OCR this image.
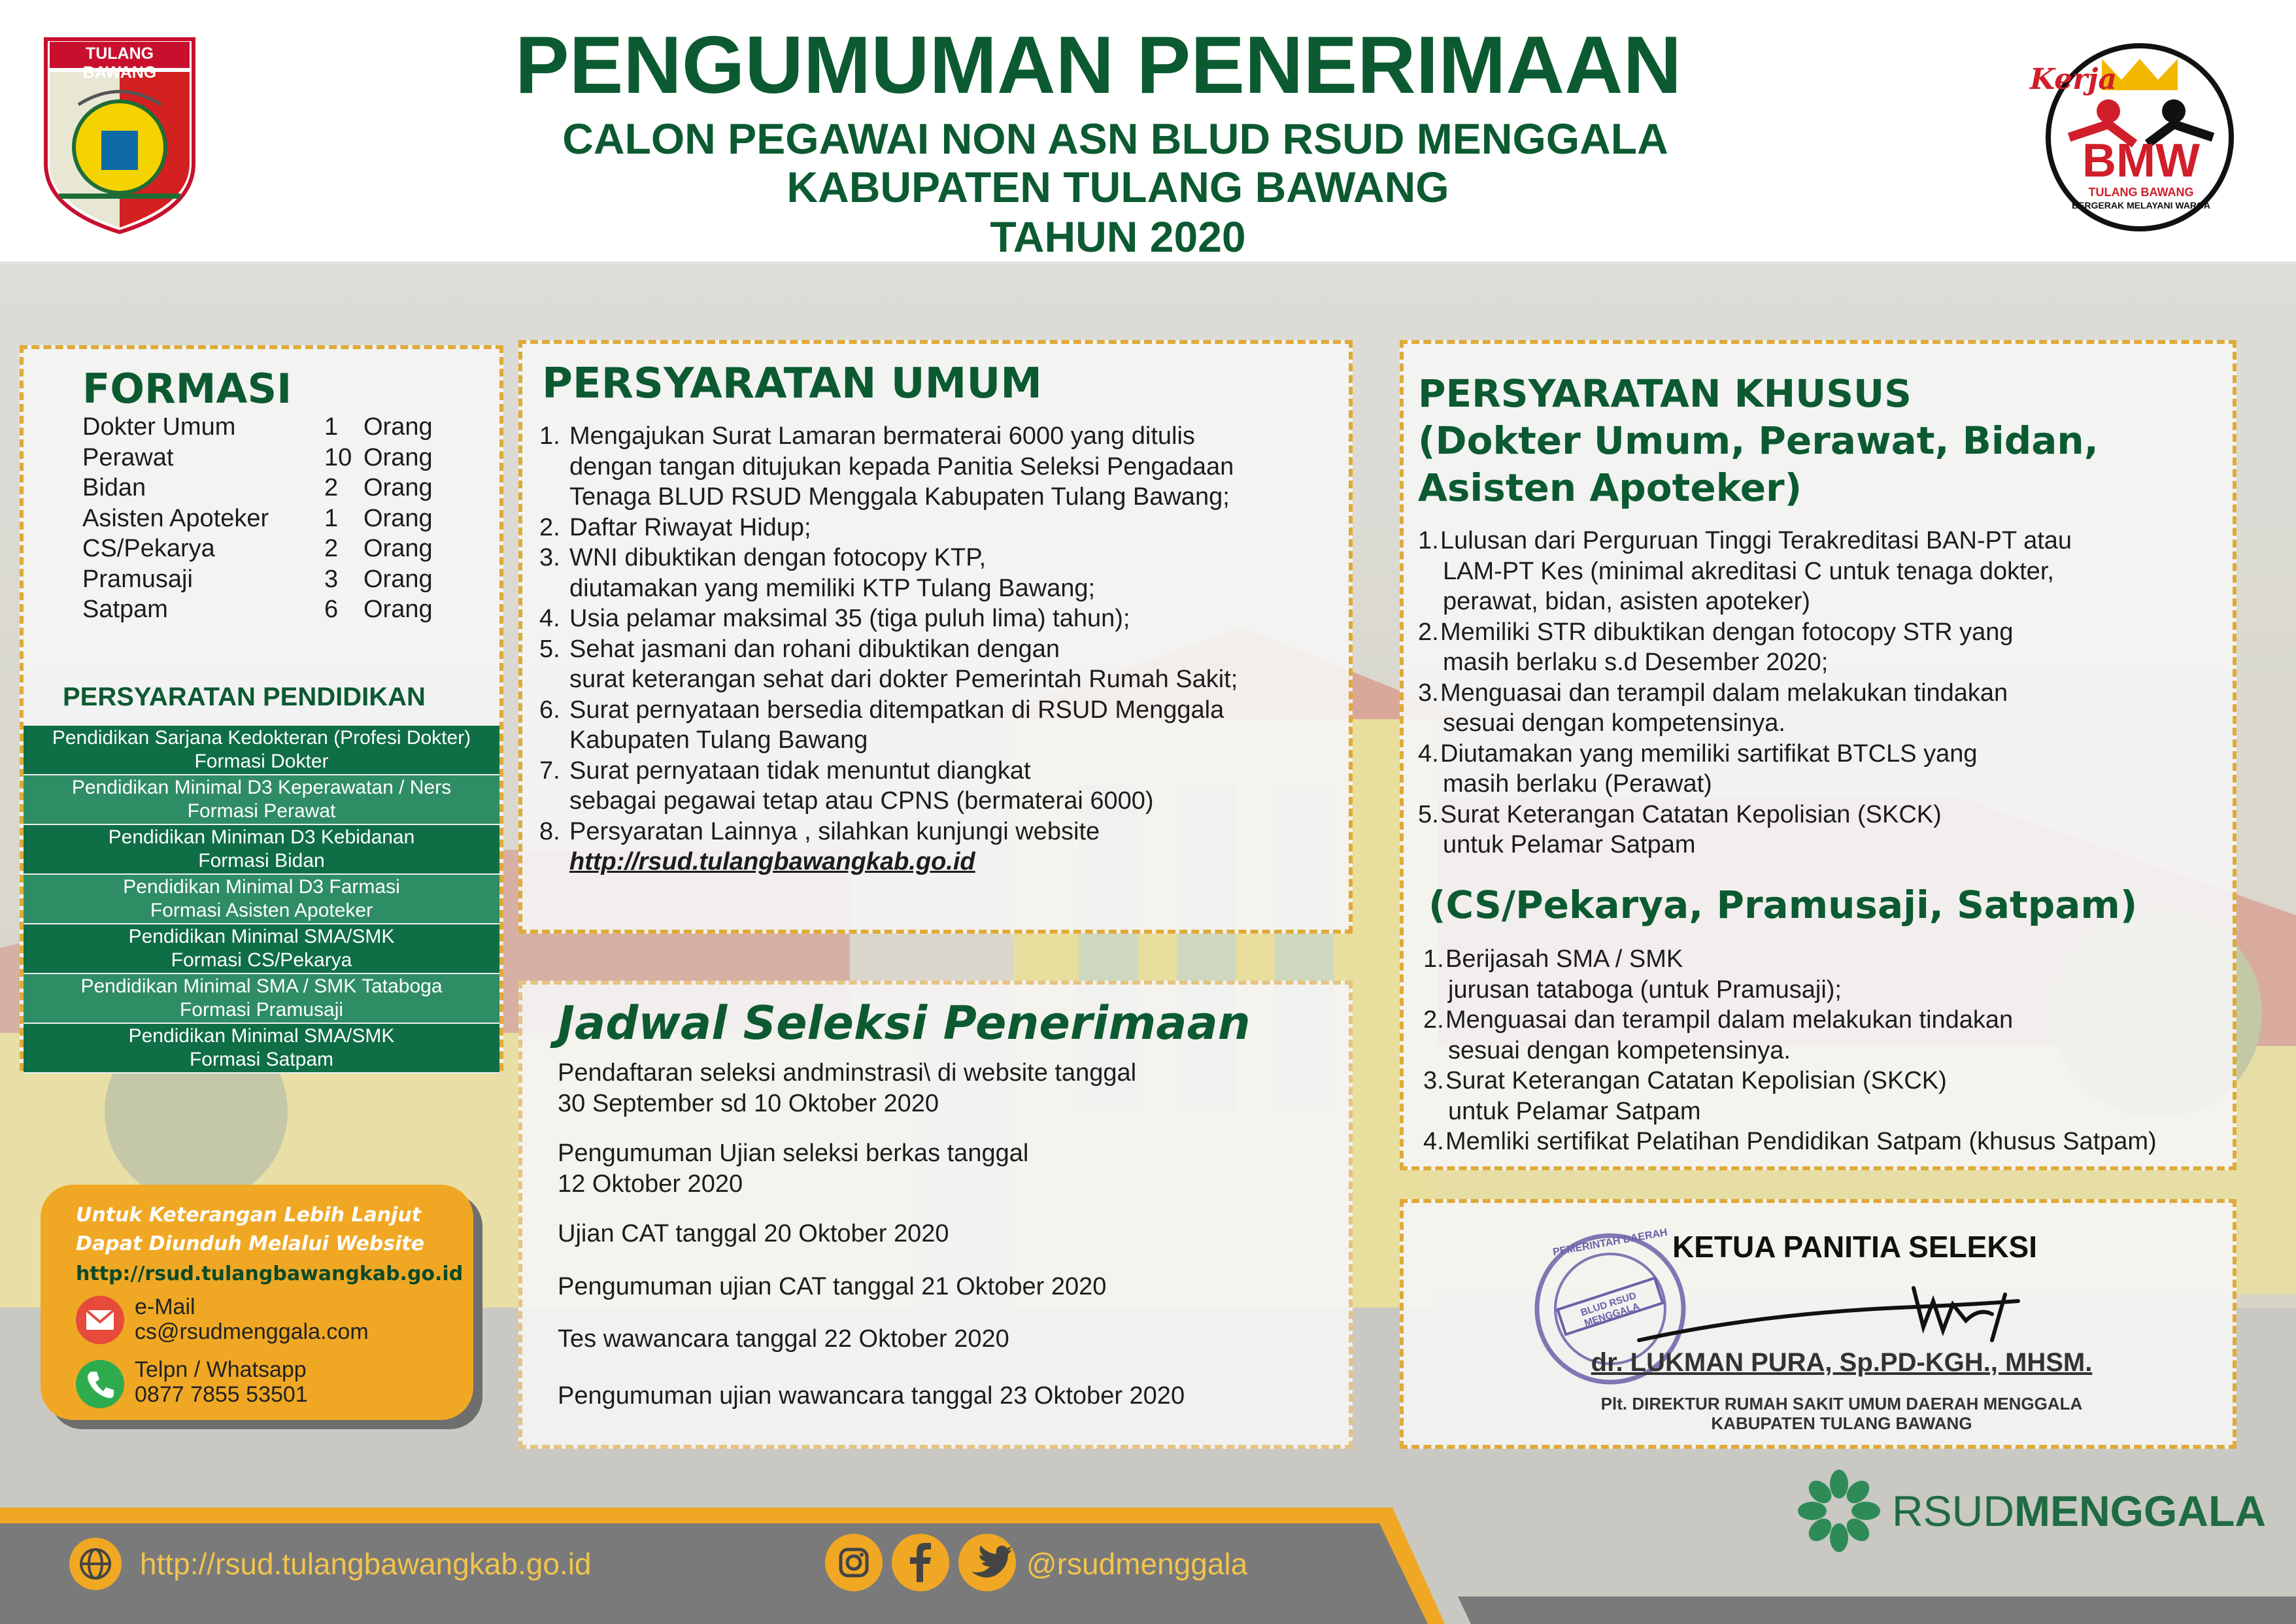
TULANG BAWANG	PENGUMUMAN PENERIMAAN
CALON PEGAWAI NON ASN BLUD RSUD MENGGALA
KABUPATEN TULANG BAWANG
TAHUN 2020
Kerja
BMW
TULANG BAWANG
BERGERAK MELAYANI WARGA
FORMASI
Dokter Umum	1	Orang
Perawat	10 Orang
Bidan	2	Orang
Asisten Apoteker	1	Orang
CS/Pekarya	2	Orang
Pramusaji	3	Orang
Satpam	6	Orang
PERSYARATAN PENDIDIKAN
Pendidikan Sarjana Kedokteran (Profesi Dokter)
Formasi Dokter
Pendidikan Minimal D3 Keperawatan / Ners
Formasi Perawat
Pendidikan Miniman D3 Kebidanan
Formasi Bidan
Pendidikan Minimal D3 Farmasi
Formasi Asisten Apoteker
Pendidikan Minimal SMA/SMK
Formasi CS/Pekarya
Pendidikan Minimal SMA / SMK Tataboga
Formasi Pramusaji
Pendidikan Minimal SMA/SMK
Formasi Satpam
Untuk Keterangan Lebih Lanjut
Dapat Diunduh Melalui Website
http://rsud.tulangbawangkab.go.id
e-Mail
cs@rsudmenggala.com
Telpn / Whatsapp
0877 7855 53501
PERSYARATAN UMUM
1. Mengajukan Surat Lamaran bermaterai 6000 yang ditulis
dengan tangan ditujukan kepada Panitia Seleksi Pengadaan
Tenaga BLUD RSUD Menggala Kabupaten Tulang Bawang;
2. Daftar Riwayat Hidup;
3. WNI dibuktikan dengan fotocopy KTP,
diutamakan yang memiliki KTP Tulang Bawang;
4. Usia pelamar maksimal 35 (tiga puluh lima) tahun);
5. Sehat jasmani dan rohani dibuktikan dengan
surat keterangan sehat dari dokter Pemerintah Rumah Sakit;
6. Surat pernyataan bersedia ditempatkan di RSUD Menggala
Kabupaten Tulang Bawang
7. Surat pernyataan tidak menuntut diangkat
sebagai pegawai tetap atau CPNS (bermaterai 6000)
8. Persyaratan Lainnya , silahkan kunjungi website
http://rsud.tulangbawangkab.go.id
Jadwal Seleksi Penerimaan

Pendaftaran seleksi andminstrasi\ di website tanggal

30 September sd 10 Oktober 2020

Pengumuman Ujian seleksi berkas tanggal

12 Oktober 2020

Ujian CAT tanggal 20 Oktober 2020

Pengumuman ujian CAT tanggal 21 Oktober 2020

Tes wawancara tanggal 22 Oktober 2020

Pengumuman ujian wawancara tanggal 23 Oktober 2020

PERSYARATAN KHUSUS
(Dokter Umum, Perawat, Bidan,
Asisten Apoteker)
1. Lulusan dari Perguruan Tinggi Terakreditasi BAN-PT atau
LAM-PT Kes (minimal akreditasi C untuk tenaga dokter,
perawat, bidan, asisten apoteker)
2. Memiliki STR dibuktikan dengan fotocopy STR yang
masih berlaku s.d Desember 2020;
3. Menguasai dan terampil dalam melakukan tindakan
sesuai dengan kompetensinya.
4. Diutamakan yang memiliki sartifikat BTCLS yang
masih berlaku (Perawat)
5. Surat Keterangan Catatan Kepolisian (SKCK)
untuk Pelamar Satpam
(CS/Pekarya, Pramusaji, Satpam)
1. Berijasah SMA / SMK
jurusan tataboga (untuk Pramusaji);
2. Menguasai dan terampil dalam melakukan tindakan
sesuai dengan kompetensinya.
3. Surat Keterangan Catatan Kepolisian (SKCK)
untuk Pelamar Satpam
4. Memliki sertifikat Pelatihan Pendidikan Satpam (khusus Satpam)
KETUA PANITIA SELEKSI
PEMERINTAH DAERAH
BLUD RSUD MENGGALA
dr. LUKMAN PURA, Sp.PD-KGH., MHSM.
Plt. DIREKTUR RUMAH SAKIT UMUM DAERAH MENGGALA
KABUPATEN TULANG BAWANG
RSUDMENGGALA
http://rsud.tulangbawangkab.go.id	@rsudmenggala
